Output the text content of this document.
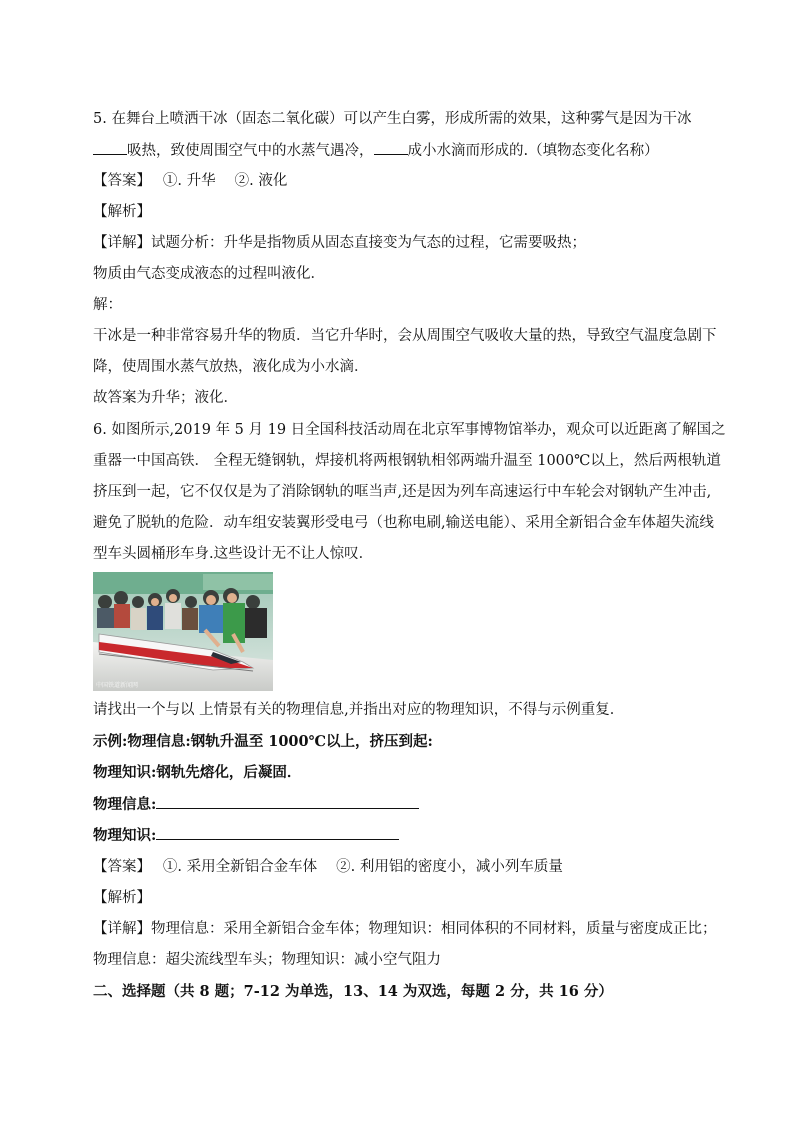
5. 在舞台上喷洒干冰（固态二氧化碳）可以产生白雾，形成所需的效果，这种雾气是因为干冰
吸热，致使周围空气中的水蒸气遇冷， 成小水滴而形成的.（填物态变化名称）
【答案】　 ①. 升华　 ②. 液化
【解析】
【详解】试题分析：升华是指物质从固态直接变为气态的过程，它需要吸热；
物质由气态变成液态的过程叫液化．
解：
干冰是一种非常容易升华的物质．当它升华时，会从周围空气吸收大量的热，导致空气温度急剧下
降，使周围水蒸气放热，液化成为小水滴．
故答案为升华；液化．
6. 如图所示,2019 年 5 月 19 日全国科技活动周在北京军事博物馆举办，观众可以近距离了解国之
重器一中国高铁． 全程无缝钢轨，焊接机将两根钢轨相邻两端升温至 1000℃以上，然后两根轨道
挤压到一起，它不仅仅是为了消除钢轨的哐当声,还是因为列车高速运行中车轮会对钢轨产生冲击,
避免了脱轨的危险．动车组安装翼形受电弓（也称电刷,输送电能）、采用全新铝合金车体超失流线
型车头圆桶形车身.这些设计无不让人惊叹．
中国铁道新闻网
请找出一个与以 上情景有关的物理信息,并指出对应的物理知识，不得与示例重复．
示例:物理信息:钢轨升温至 1000℃以上，挤压到起:
物理知识:钢轨先熔化，后凝固．
物理信息:
物理知识:
【答案】　 ①. 采用全新铝合金车体　 ②. 利用铝的密度小，减小列车质量
【解析】
【详解】物理信息：采用全新铝合金车体；物理知识：相同体积的不同材料，质量与密度成正比；
物理信息：超尖流线型车头；物理知识：减小空气阻力
二、选择题（共 8 题；7-12 为单选，13、14 为双选，每题 2 分，共 16 分）
